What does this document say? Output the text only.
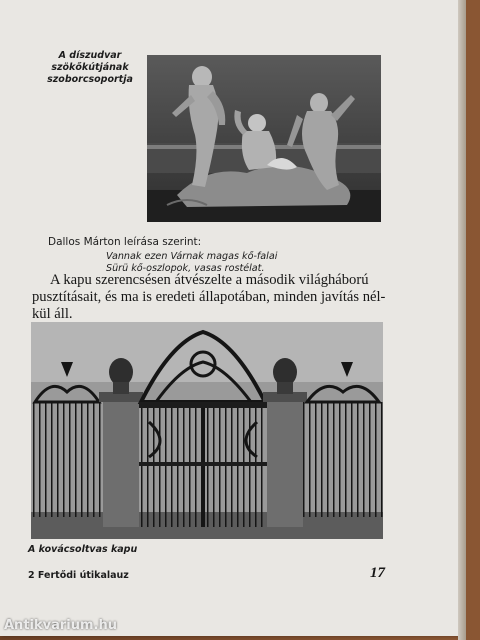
A díszudvar
szökőkútjának
szoborcsoportja
Dallos Márton leírása szerint:
Vannak ezen Várnak magas kő-falai
Sürü kő-oszlopok, vasas rostélat.
A kapu szerencsésen átvészelte a második világháború
pusztításait, és ma is eredeti állapotában, minden javítás nél-
kül áll.
A kovácsoltvas kapu
2 Fertődi útikalauz	17
Antikvarium.hu
